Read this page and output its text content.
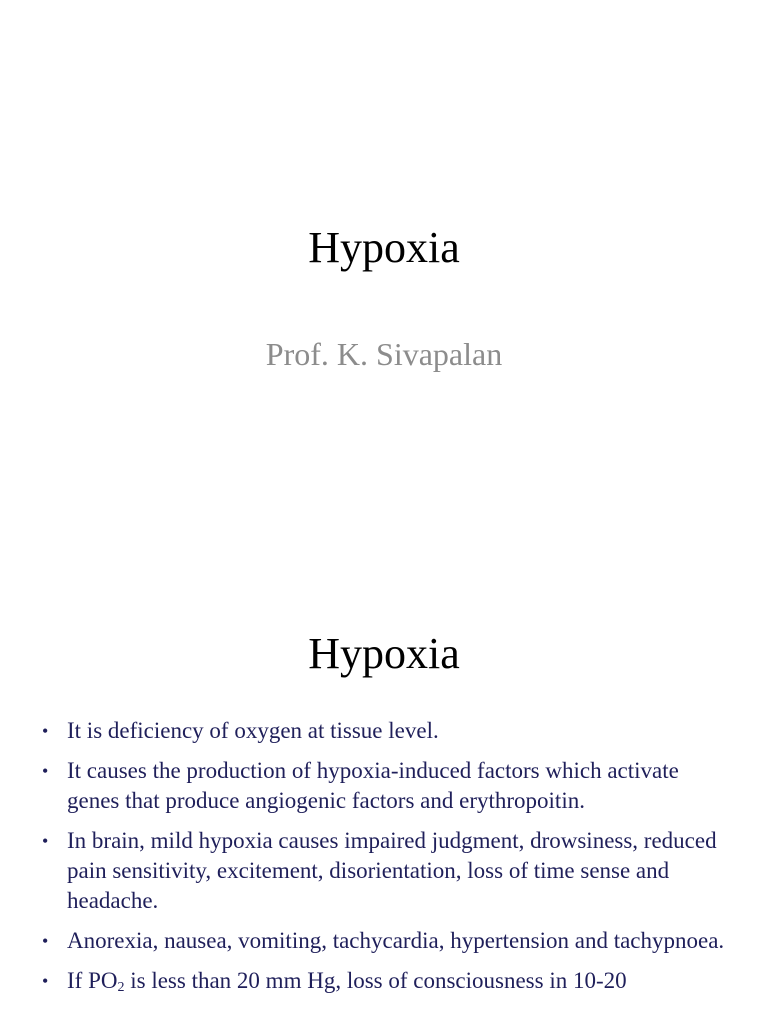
Hypoxia

Prof. K. Sivapalan

Hypoxia
• It is deficiency of oxygen at tissue level.
• It causes the production of hypoxia-induced factors which activate genes that produce angiogenic factors and erythropoitin.
• In brain, mild hypoxia causes impaired judgment, drowsiness, reduced pain sensitivity, excitement, disorientation, loss of time sense and headache.
• Anorexia, nausea, vomiting, tachycardia, hypertension and tachypnoea.
• If $PO_2$ is less than 20 mm Hg, loss of consciousness in 10-20
